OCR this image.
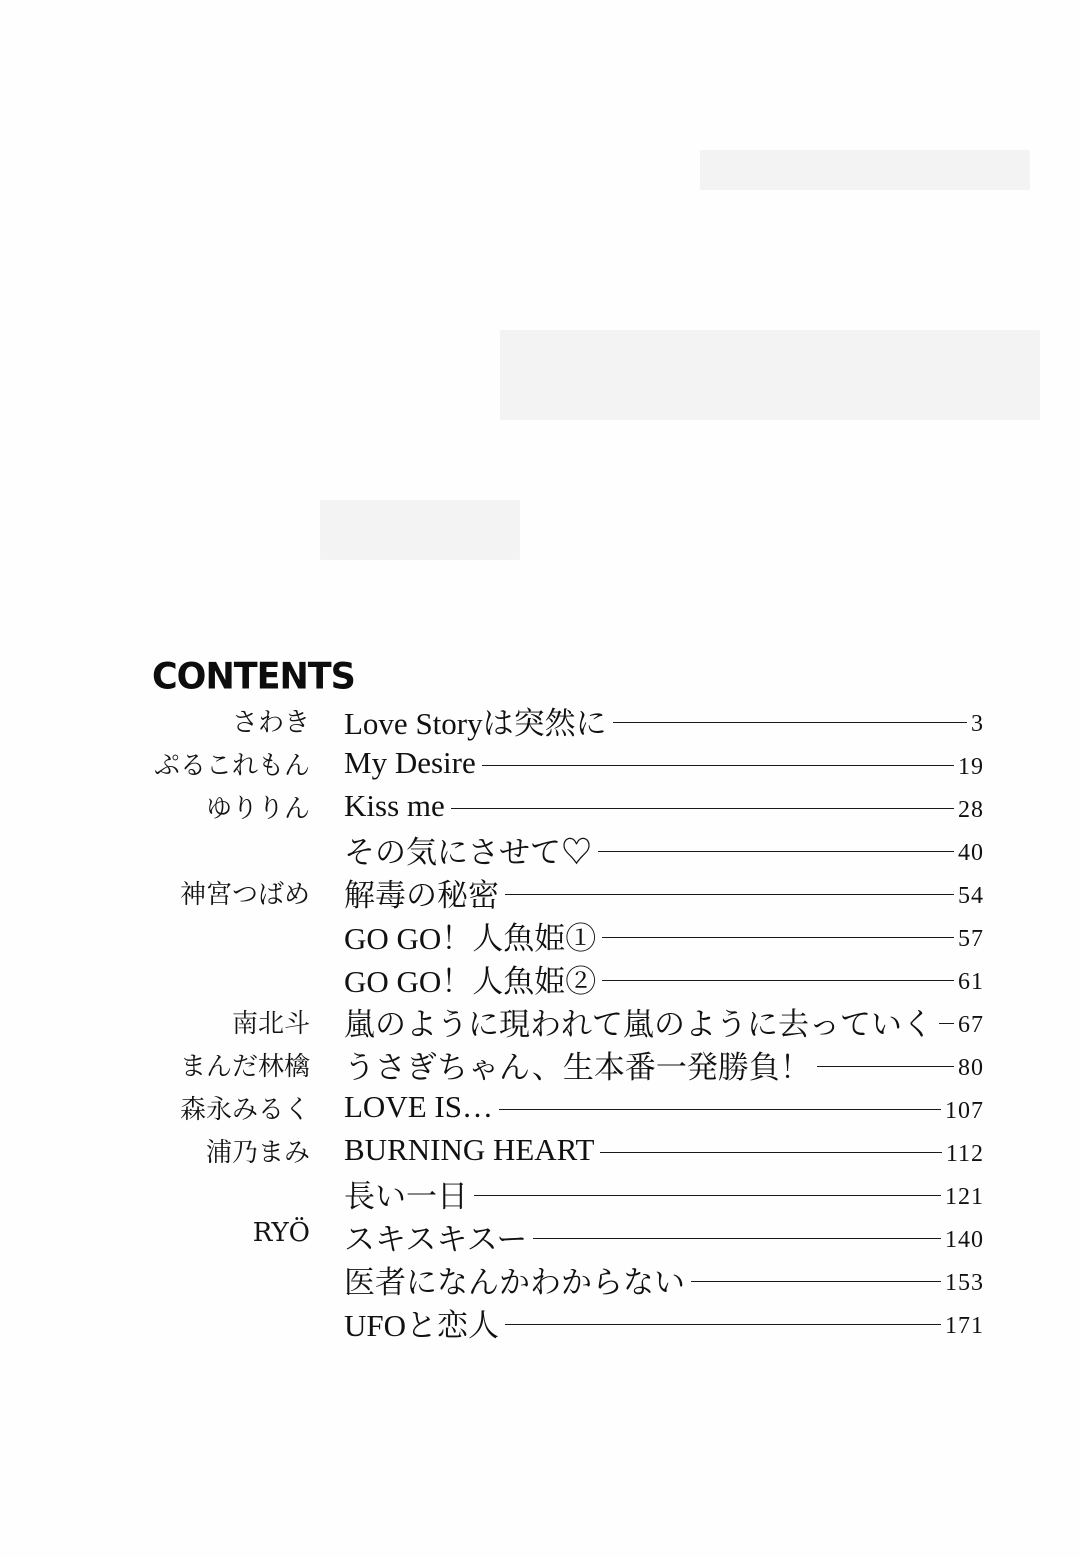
CONTENTS
さわき Love Storyは突然に	3
ぷるこれもん My Desire	19
ゆりりん Kiss me	28
その気にさせて♡	40
神宮つばめ 解毒の秘密	54
GO GO！人魚姫①	57
GO GO！人魚姫②	61
南北斗 嵐のように現われて嵐のように去っていく 67
まんだ林檎 うさぎちゃん、生本番一発勝負！	80
森永みるく LOVE IS…	107
浦乃まみ BURNING HEART	112
長い一日	121
RYÖ スキスキスー	140
医者になんかわからない	153
UFOと恋人	171
